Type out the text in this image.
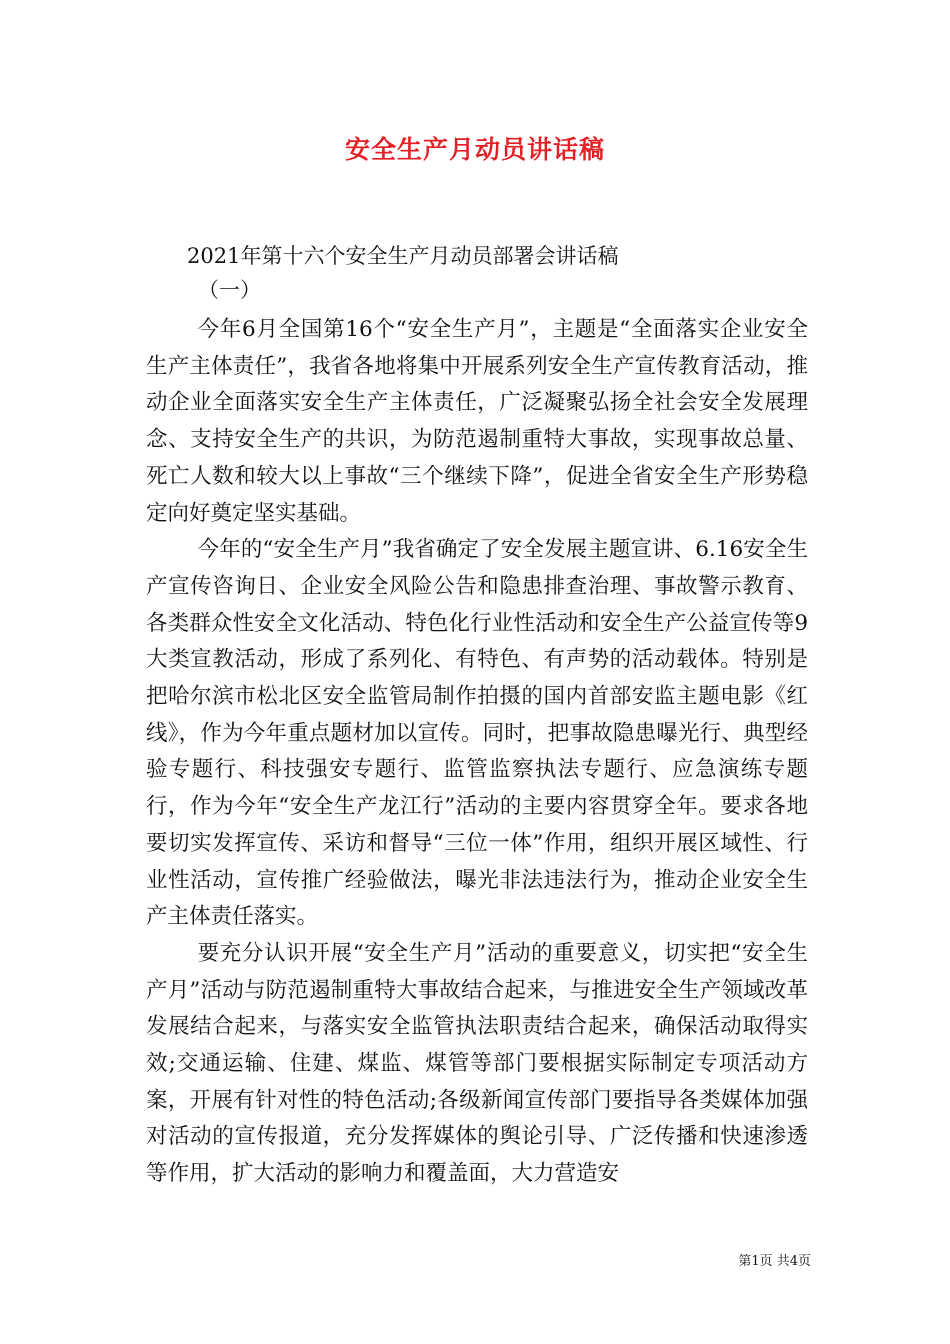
安全生产月动员讲话稿
2021年第十六个安全生产月动员部署会讲话稿
（一）

今年6月全国第16个“安全生产月”，主题是“全面落实企业安全生产主体责任”，我省各地将集中开展系列安全生产宣传教育活动，推动企业全面落实安全生产主体责任，广泛凝聚弘扬全社会安全发展理念、支持安全生产的共识，为防范遏制重特大事故，实现事故总量、死亡人数和较大以上事故“三个继续下降”，促进全省安全生产形势稳定向好奠定坚实基础。

今年的“安全生产月”我省确定了安全发展主题宣讲、6.16安全生产宣传咨询日、企业安全风险公告和隐患排查治理、事故警示教育、各类群众性安全文化活动、特色化行业性活动和安全生产公益宣传等9大类宣教活动，形成了系列化、有特色、有声势的活动载体。特别是把哈尔滨市松北区安全监管局制作拍摄的国内首部安监主题电影《红线》，作为今年重点题材加以宣传。同时，把事故隐患曝光行、典型经验专题行、科技强安专题行、监管监察执法专题行、应急演练专题行，作为今年“安全生产龙江行”活动的主要内容贯穿全年。要求各地要切实发挥宣传、采访和督导“三位一体”作用，组织开展区域性、行业性活动，宣传推广经验做法，曝光非法违法行为，推动企业安全生产主体责任落实。

要充分认识开展“安全生产月”活动的重要意义，切实把“安全生产月”活动与防范遏制重特大事故结合起来，与推进安全生产领域改革发展结合起来，与落实安全监管执法职责结合起来，确保活动取得实效;交通运输、住建、煤监、煤管等部门要根据实际制定专项活动方案，开展有针对性的特色活动;各级新闻宣传部门要指导各类媒体加强对活动的宣传报道，充分发挥媒体的舆论引导、广泛传播和快速渗透等作用，扩大活动的影响力和覆盖面，大力营造安

第1页 共4页
